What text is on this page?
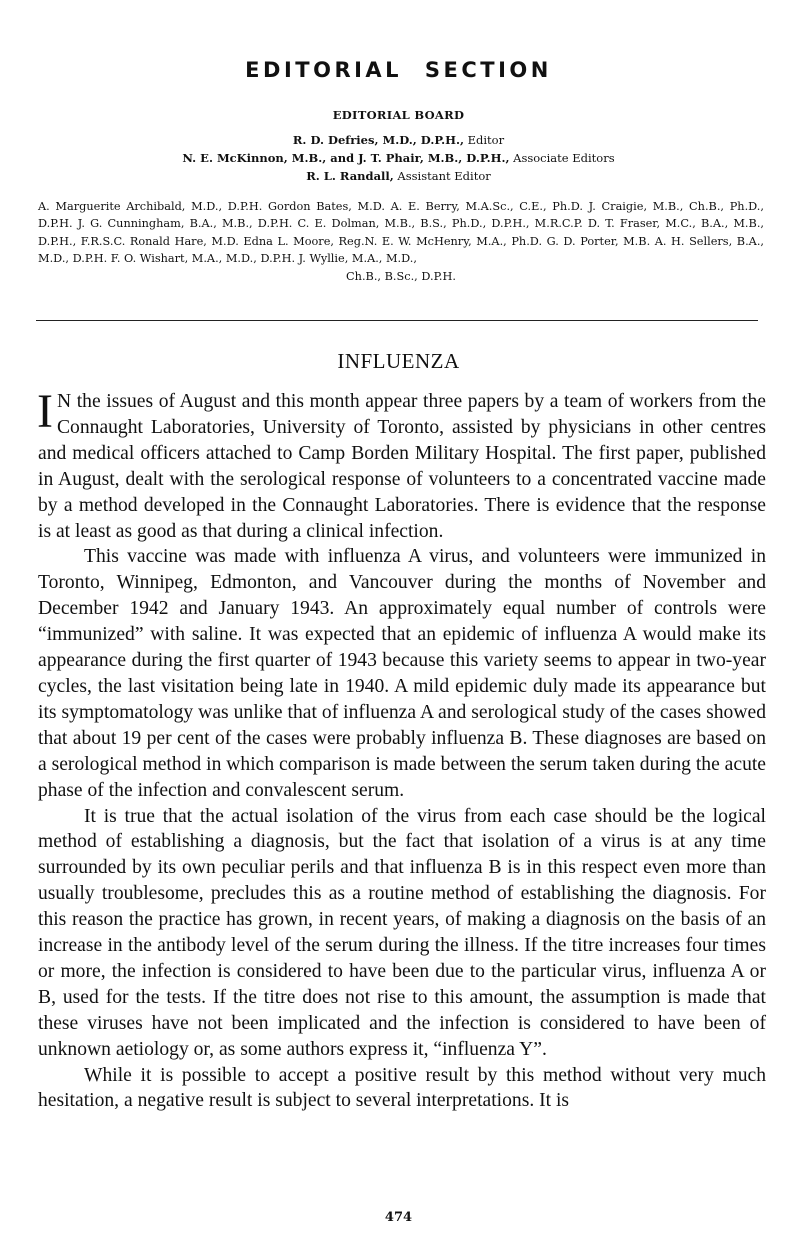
EDITORIAL SECTION
EDITORIAL BOARD
R. D. Defries, M.D., D.P.H., Editor
N. E. McKinnon, M.B., and J. T. Phair, M.B., D.P.H., Associate Editors
R. L. Randall, Assistant Editor
A. Marguerite Archibald, M.D., D.P.H. Gordon Bates, M.D. A. E. Berry, M.A.Sc., C.E., Ph.D. J. Craigie, M.B., Ch.B., Ph.D., D.P.H. J. G. Cunningham, B.A., M.B., D.P.H. C. E. Dolman, M.B., B.S., Ph.D., D.P.H., M.R.C.P. D. T. Fraser, M.C., B.A., M.B., D.P.H., F.R.S.C. Ronald Hare, M.D. Edna L. Moore, Reg.N. E. W. McHenry, M.A., Ph.D. G. D. Porter, M.B. A. H. Sellers, B.A., M.D., D.P.H. F. O. Wishart, M.A., M.D., D.P.H. J. Wyllie, M.A., M.D.,
Ch.B., B.Sc., D.P.H.
INFLUENZA

I N the issues of August and this month appear three papers by a team of workers from the Connaught Laboratories, University of Toronto, assisted by physicians in other centres and medical officers attached to Camp Borden Military Hospital. The first paper, published in August, dealt with the serological response of volunteers to a concentrated vaccine made by a method developed in the Connaught Laboratories. There is evidence that the response is at least as good as that during a clinical infection.

This vaccine was made with influenza A virus, and volunteers were immunized in Toronto, Winnipeg, Edmonton, and Vancouver during the months of November and December 1942 and January 1943. An approximately equal number of controls were “immunized” with saline. It was expected that an epidemic of influenza A would make its appearance during the first quarter of 1943 because this variety seems to appear in two-year cycles, the last visitation being late in 1940. A mild epidemic duly made its appearance but its symptomatology was unlike that of influenza A and serological study of the cases showed that about 19 per cent of the cases were probably influenza B. These diagnoses are based on a serological method in which comparison is made between the serum taken during the acute phase of the infection and convalescent serum.

It is true that the actual isolation of the virus from each case should be the logical method of establishing a diagnosis, but the fact that isolation of a virus is at any time surrounded by its own peculiar perils and that influenza B is in this respect even more than usually troublesome, precludes this as a routine method of establishing the diagnosis. For this reason the practice has grown, in recent years, of making a diagnosis on the basis of an increase in the antibody level of the serum during the illness. If the titre increases four times or more, the infection is considered to have been due to the particular virus, influenza A or B, used for the tests. If the titre does not rise to this amount, the assumption is made that these viruses have not been implicated and the infection is considered to have been of unknown aetiology or, as some authors express it, “influenza Y”.

While it is possible to accept a positive result by this method without very much hesitation, a negative result is subject to several interpretations. It is

474
